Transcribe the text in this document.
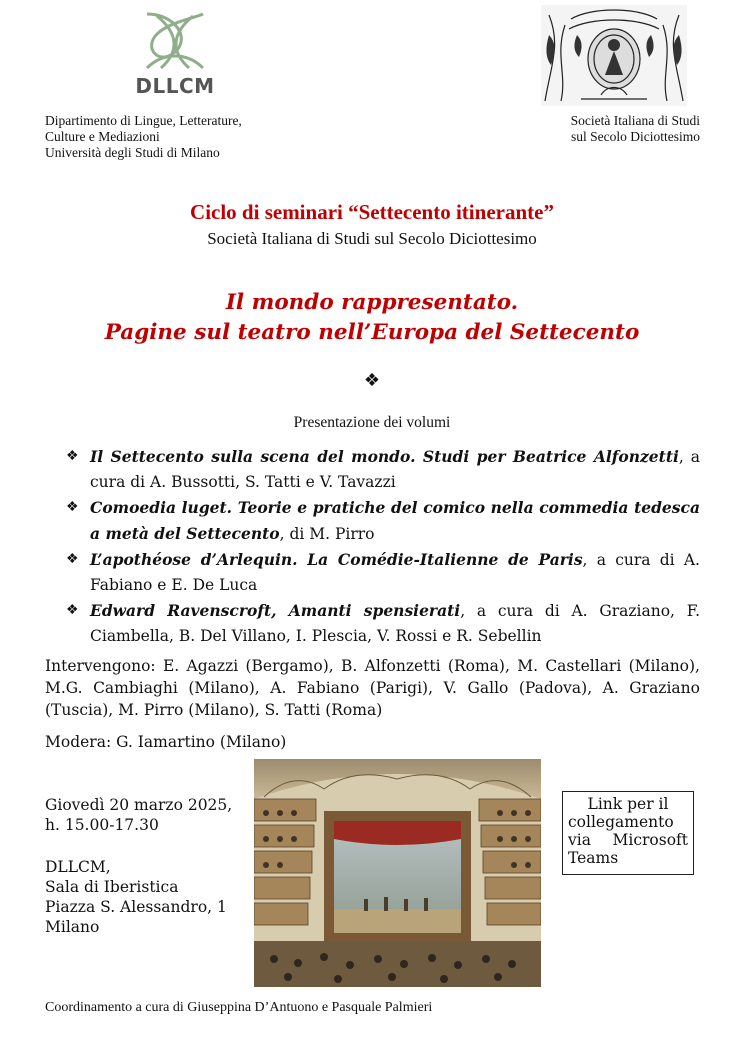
DLLCM
Dipartimento di Lingue, Letterature,
Culture e Mediazioni
Università degli Studi di Milano
Società Italiana di Studi
sul Secolo Diciottesimo
Ciclo di seminari “Settecento itinerante”
Società Italiana di Studi sul Secolo Diciottesimo
Il mondo rappresentato.
Pagine sul teatro nell’Europa del Settecento
❖
Presentazione dei volumi
❖ Il Settecento sulla scena del mondo. Studi per Beatrice Alfonzetti, a cura di A. Bussotti, S. Tatti e V. Tavazzi
❖ Comoedia luget. Teorie e pratiche del comico nella commedia tedesca a metà del Settecento, di M. Pirro
❖ L’apothéose d’Arlequin. La Comédie-Italienne de Paris, a cura di A. Fabiano e E. De Luca
❖ Edward Ravenscroft, Amanti spensierati, a cura di A. Graziano, F. Ciambella, B. Del Villano, I. Plescia, V. Rossi e R. Sebellin
Intervengono: E. Agazzi (Bergamo), B. Alfonzetti (Roma), M. Castellari (Milano), M.G. Cambiaghi (Milano), A. Fabiano (Parigi), V. Gallo (Padova), A. Graziano (Tuscia), M. Pirro (Milano), S. Tatti (Roma)
Modera: G. Iamartino (Milano)
Giovedì 20 marzo 2025,
h. 15.00-17.30
DLLCM,
Sala di Iberistica
Piazza S. Alessandro, 1
Milano
Link per il
collegamento
via Microsoft
Teams
Coordinamento a cura di Giuseppina D’Antuono e Pasquale Palmieri
